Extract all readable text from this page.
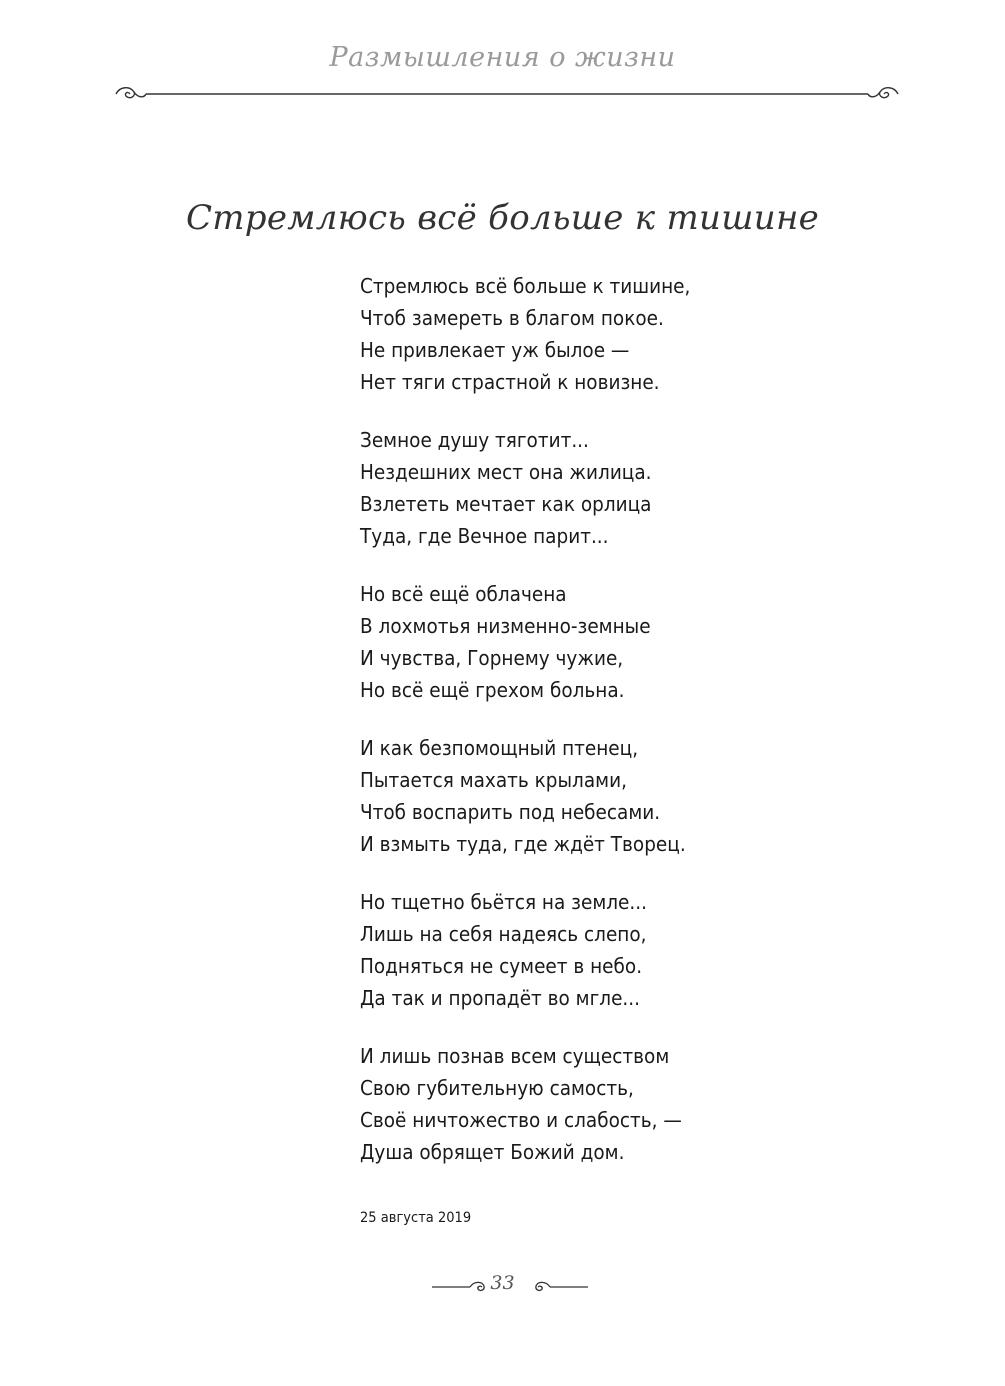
Размышления о жизни
Стремлюсь всё больше к тишине
Стремлюсь всё больше к тишине,
Чтоб замереть в благом покое.
Не привлекает уж былое —
Нет тяги страстной к новизне.
Земное душу тяготит...
Нездешних мест она жилица.
Взлететь мечтает как орлица
Туда, где Вечное парит...
Но всё ещё облачена
В лохмотья низменно-земные
И чувства, Горнему чужие,
Но всё ещё грехом больна.
И как безпомощный птенец,
Пытается махать крылами,
Чтоб воспарить под небесами.
И взмыть туда, где ждёт Творец.
Но тщетно бьётся на земле...
Лишь на себя надеясь слепо,
Подняться не сумеет в небо.
Да так и пропадёт во мгле...
И лишь познав всем существом
Свою губительную самость,
Своё ничтожество и слабость, —
Душа обрящет Божий дом.
25 августа 2019
33
